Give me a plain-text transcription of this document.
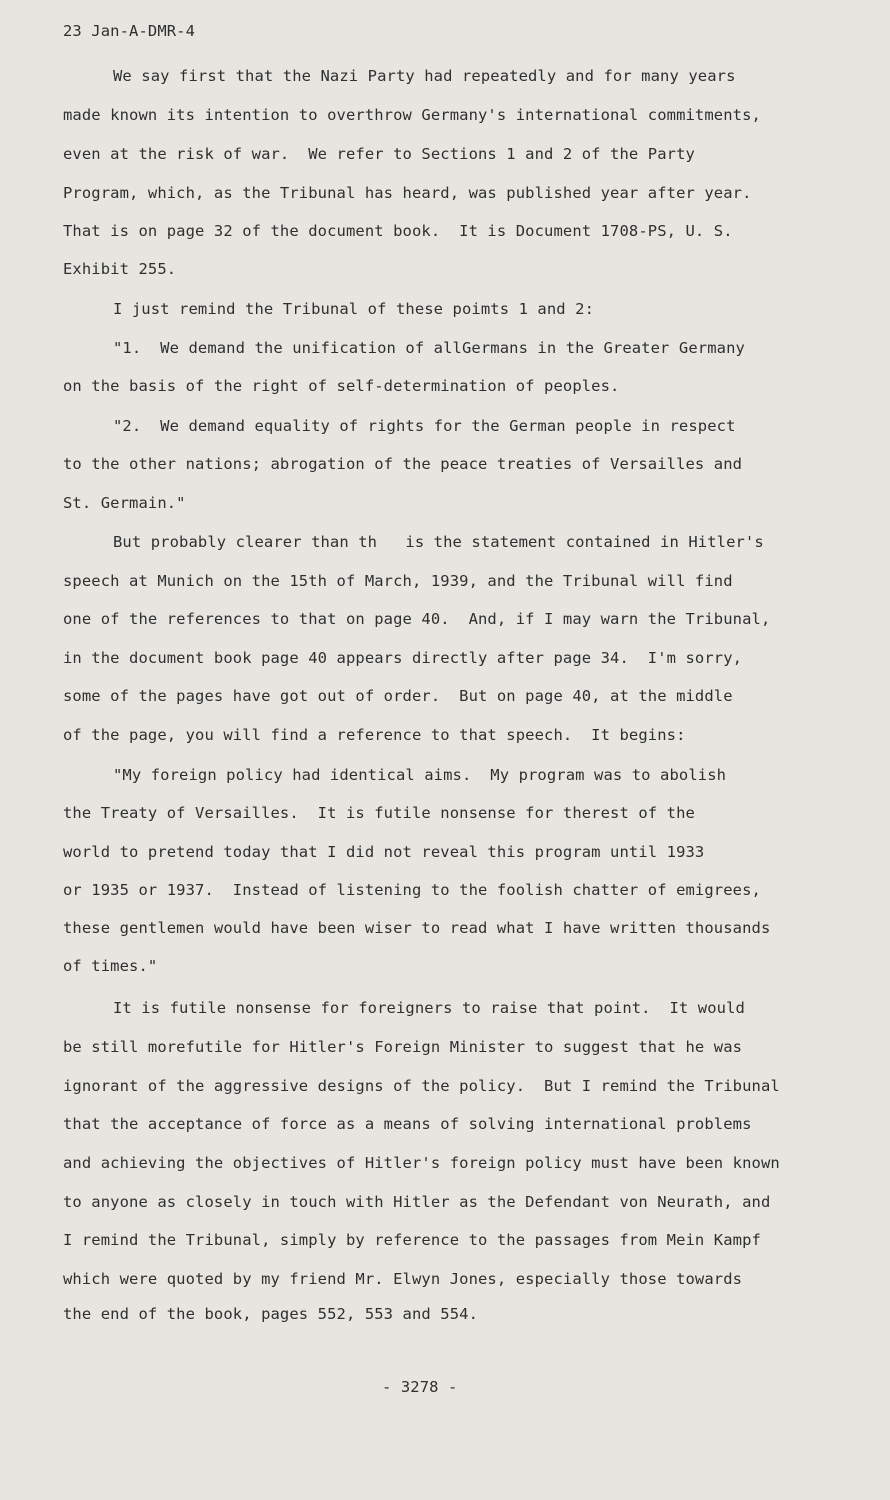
23 Jan-A-DMR-4
We say first that the Nazi Party had repeatedly and for many years
made known its intention to overthrow Germany's international commitments,
even at the risk of war.  We refer to Sections 1 and 2 of the Party
Program, which, as the Tribunal has heard, was published year after year.
That is on page 32 of the document book.  It is Document 1708-PS, U. S.
Exhibit 255.
I just remind the Tribunal of these poimts 1 and 2:
"1.  We demand the unification of allGermans in the Greater Germany
on the basis of the right of self-determination of peoples.
"2.  We demand equality of rights for the German people in respect
to the other nations; abrogation of the peace treaties of Versailles and
St. Germain."
But probably clearer than th   is the statement contained in Hitler's
speech at Munich on the 15th of March, 1939, and the Tribunal will find
one of the references to that on page 40.  And, if I may warn the Tribunal,
in the document book page 40 appears directly after page 34.  I'm sorry,
some of the pages have got out of order.  But on page 40, at the middle
of the page, you will find a reference to that speech.  It begins:
"My foreign policy had identical aims.  My program was to abolish
the Treaty of Versailles.  It is futile nonsense for therest of the
world to pretend today that I did not reveal this program until 1933
or 1935 or 1937.  Instead of listening to the foolish chatter of emigrees,
these gentlemen would have been wiser to read what I have written thousands
of times."
It is futile nonsense for foreigners to raise that point.  It would
be still morefutile for Hitler's Foreign Minister to suggest that he was
ignorant of the aggressive designs of the policy.  But I remind the Tribunal
that the acceptance of force as a means of solving international problems
and achieving the objectives of Hitler's foreign policy must have been known
to anyone as closely in touch with Hitler as the Defendant von Neurath, and
I remind the Tribunal, simply by reference to the passages from Mein Kampf
which were quoted by my friend Mr. Elwyn Jones, especially those towards
the end of the book, pages 552, 553 and 554.
- 3278 -
